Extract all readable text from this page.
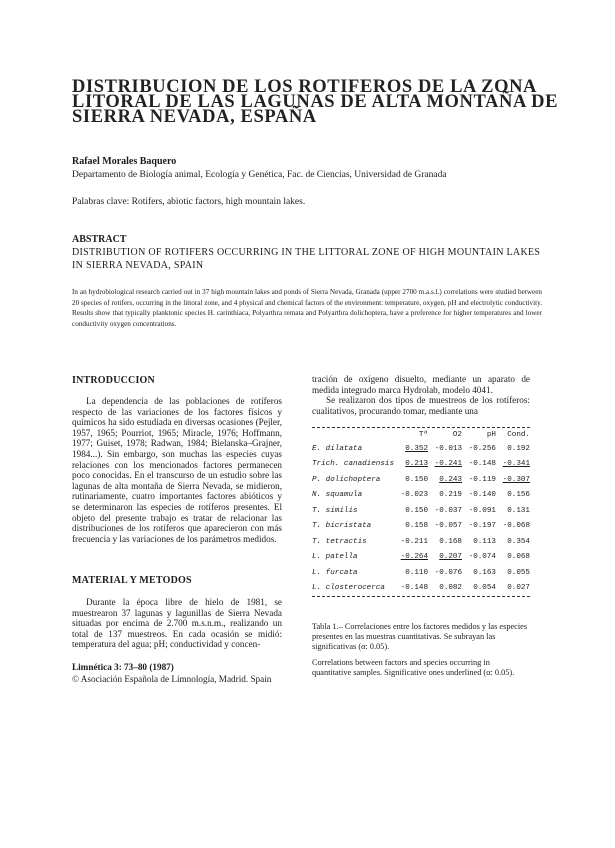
DISTRIBUCION DE LOS ROTIFEROS DE LA ZONA
LITORAL DE LAS LAGUNAS DE ALTA MONTAÑA DE
SIERRA NEVADA, ESPAÑA
Rafael Morales Baquero
Departamento de Biología animal, Ecología y Genética, Fac. de Ciencias, Universidad de Granada
Palabras clave: Rotifers, abiotic factors, high mountain lakes.
ABSTRACT
DISTRIBUTION OF ROTIFERS OCCURRING IN THE LITTORAL ZONE OF HIGH MOUNTAIN LAKES IN SIERRA NEVADA, SPAIN
In an hydrobiological research carried out in 37 high mountain lakes and ponds of Sierra Nevada, Granada (upper 2700 m.a.s.l.) correlations were studied between 20 species of rotifers, occurring in the littoral zone, and 4 physical and chemical factors of the environment: temperature, oxygen, pH and electrolytic conductivity. Results show that typically planktonic species H. carinthiaca, Polyarthra remata and Polyarthra dolichoptera, have a preference for higher temperatures and lower conductivity oxygen concentrations.
INTRODUCCION

La dependencia de las poblaciones de rotíferos respecto de las variaciones de los factores físicos y químicos ha sido estudiada en diversas ocasiones (Pejler, 1957, 1965; Pourriot, 1965; Miracle, 1976; Hoffmann, 1977; Guiset, 1978; Radwan, 1984; Bielanska–Grajner, 1984...). Sin embargo, son muchas las especies cuyas relaciones con los mencionados factores permanecen poco conocidas. En el transcurso de un estudio sobre las lagunas de alta montaña de Sierra Nevada, se midieron, rutinariamente, cuatro importantes factores abióticos y se determinaron las especies de rotíferos presentes. El objeto del presente trabajo es tratar de relacionar las distribuciones de los rotíferos que aparecieron con más frecuencia y las variaciones de los parámetros medidos.

MATERIAL Y METODOS

Durante la época libre de hielo de 1981, se muestrearon 37 lagunas y lagunillas de Sierra Nevada situadas por encima de 2.700 m.s.n.m., realizando un total de 137 muestreos. En cada ocasión se midió: temperatura del agua; pH; conductividad y concen-

Limnética 3: 73–80 (1987)
© Asociación Española de Limnología, Madrid. Spain

tración de oxígeno disuelto, mediante un aparato de medida integrado marca Hydrolab, modelo 4041.

Se realizaron dos tipos de muestreos de los rotíferos: cualitativos, procurando tomar, mediante una

	Tª	O2	pH	Cond.
E. dilatata	0.352	-0.013	-0.256	0.192
Trich. canadiensis	0.213	-0.241	-0.148	-0.341
P. dolichoptera	0.150	0.243	-0.119	-0.307
N. squamula	-0.023	0.219	-0.140	0.156
T. similis	0.150	-0.037	-0.091	0.131
T. bicristata	0.158	-0.057	-0.197	-0.068
T. tetractis	-0.211	0.168	0.113	0.354
L. patella	-0.264	0.207	-0.074	0.068
L. furcata	0.110	-0.076	0.163	0.055
L. closterocerca	-0.148	0.082	0.054	0.027
Tabla 1.– Correlaciones entre los factores medidos y las especies presentes en las muestras cuantitativas. Se subrayan las significativas (α: 0.05).
Correlations between factors and species occurring in quantitative samples. Significative ones underlined (α: 0.05).
